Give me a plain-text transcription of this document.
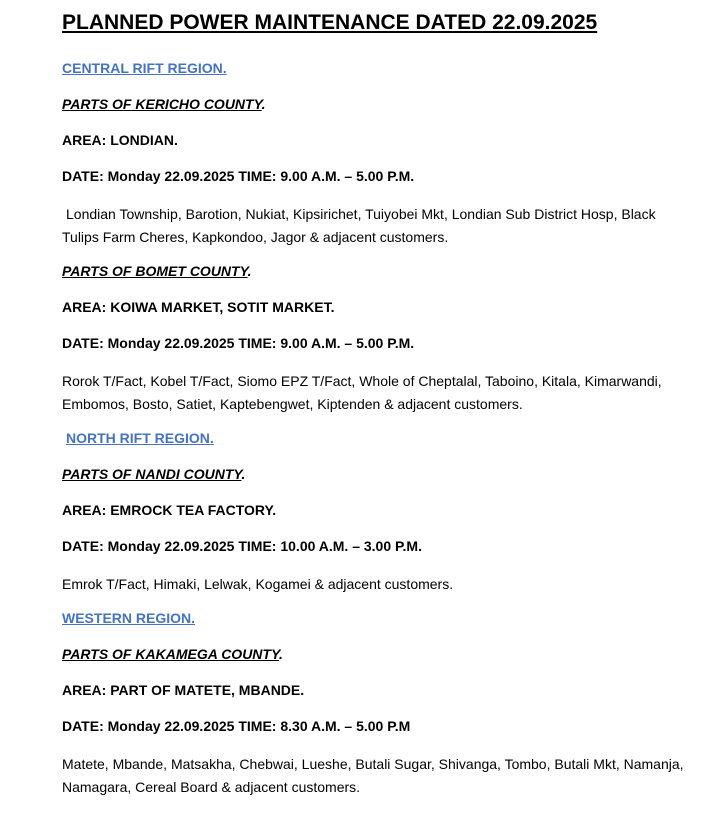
PLANNED POWER MAINTENANCE DATED 22.09.2025
CENTRAL RIFT REGION.
PARTS OF KERICHO COUNTY.
AREA: LONDIAN.
DATE: Monday 22.09.2025 TIME: 9.00 A.M. – 5.00 P.M.
Londian Township, Barotion, Nukiat, Kipsirichet, Tuiyobei Mkt, Londian Sub District Hosp, Black Tulips Farm Cheres, Kapkondoo, Jagor & adjacent customers.
PARTS OF BOMET COUNTY.
AREA: KOIWA MARKET, SOTIT MARKET.
DATE: Monday 22.09.2025 TIME: 9.00 A.M. – 5.00 P.M.
Rorok T/Fact, Kobel T/Fact, Siomo EPZ T/Fact, Whole of Cheptalal, Taboino, Kitala, Kimarwandi, Embomos, Bosto, Satiet, Kaptebengwet, Kiptenden & adjacent customers.
NORTH RIFT REGION.
PARTS OF NANDI COUNTY.
AREA: EMROCK TEA FACTORY.
DATE: Monday 22.09.2025 TIME: 10.00 A.M. – 3.00 P.M.
Emrok T/Fact, Himaki, Lelwak, Kogamei & adjacent customers.
WESTERN REGION.
PARTS OF KAKAMEGA COUNTY.
AREA: PART OF MATETE, MBANDE.
DATE: Monday 22.09.2025 TIME: 8.30 A.M. – 5.00 P.M
Matete, Mbande, Matsakha, Chebwai, Lueshe, Butali Sugar, Shivanga, Tombo, Butali Mkt, Namanja, Namagara, Cereal Board & adjacent customers.
